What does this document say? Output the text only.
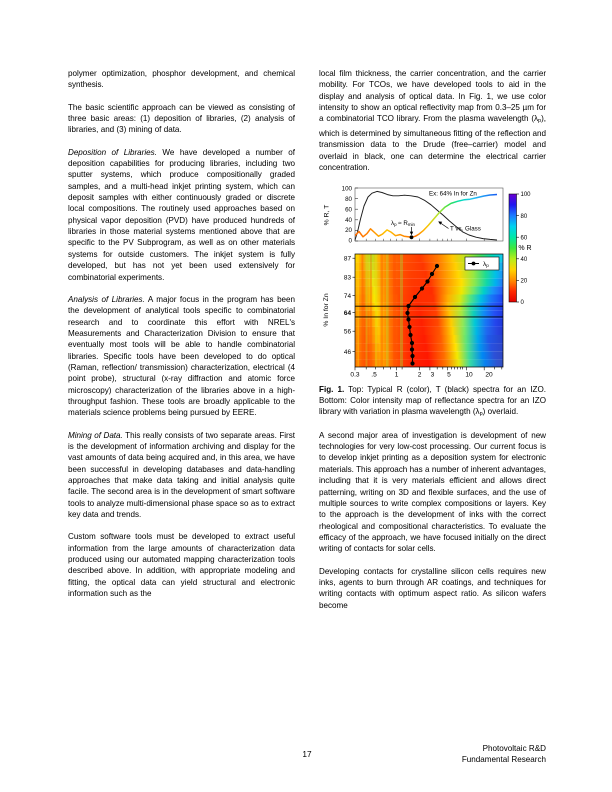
polymer optimization, phosphor development, and chemical synthesis.

The basic scientific approach can be viewed as consisting of three basic areas: (1) deposition of libraries, (2) analysis of libraries, and (3) mining of data.

Deposition of Libraries. We have developed a number of deposition capabilities for producing libraries, including two sputter systems, which produce compositionally graded samples, and a multi-head inkjet printing system, which can deposit samples with either continuously graded or discrete local compositions. The routinely used approaches based on physical vapor deposition (PVD) have produced hundreds of libraries in those material systems mentioned above that are specific to the PV Subprogram, as well as on other materials systems for outside customers. The inkjet system is fully developed, but has not yet been used extensively for combinatorial experiments.

Analysis of Libraries. A major focus in the program has been the development of analytical tools specific to combinatorial research and to coordinate this effort with NREL's Measurements and Characterization Division to ensure that eventually most tools will be able to handle combinatorial libraries. Specific tools have been developed to do optical (Raman, reflection/ transmission) characterization, electrical (4 point probe), structural (x-ray diffraction and atomic force microscopy) characterization of the libraries above in a high-throughput fashion. These tools are broadly applicable to the materials science problems being pursued by EERE.

Mining of Data. This really consists of two separate areas. First is the development of information archiving and display for the vast amounts of data being acquired and, in this area, we have been successful in developing databases and data-handling approaches that make data taking and initial analysis quite facile. The second area is in the development of smart software tools to analyze multi-dimensional phase space so as to extract key data and trends.

Custom software tools must be developed to extract useful information from the large amounts of characterization data produced using our automated mapping characterization tools described above. In addition, with appropriate modeling and fitting, the optical data can yield structural and electronic information such as the

local film thickness, the carrier concentration, and the carrier mobility. For TCOs, we have developed tools to aid in the display and analysis of optical data. In Fig. 1, we use color intensity to show an optical reflectivity map from 0.3–25 µm for a combinatorial TCO library. From the plasma wavelength $(\lambda_p)$, which is determined by simultaneous fitting of the reflection and transmission data to the Drude (free–carrier) model and overlaid in black, one can determine the electrical carrier concentration.

100
80
60
40
20
0
λp ≈ Rmin
Ex: 64% In for Zn
T vs. Glass
% R, T
λp
87
83
74
64
56
46
% In for Zn
0.3 .5	1	2 3 5 10 20
100
80
60
40
20
0
% R
Fig. 1. Top: Typical R (color), T (black) spectra for an IZO. Bottom: Color intensity map of reflectance spectra for an IZO library with variation in plasma wavelength $(\lambda_p)$ overlaid.

A second major area of investigation is development of new technologies for very low-cost processing. Our current focus is to develop inkjet printing as a deposition system for electronic materials. This approach has a number of inherent advantages, including that it is very materials efficient and allows direct patterning, writing on 3D and flexible surfaces, and the use of multiple sources to write complex compositions or layers. Key to the approach is the development of inks with the correct rheological and compositional characteristics. To evaluate the efficacy of the approach, we have focused initially on the direct writing of contacts for solar cells.

Developing contacts for crystalline silicon cells requires new inks, agents to burn through AR coatings, and techniques for writing contacts with optimum aspect ratio. As silicon wafers become

17
Photovoltaic R&D
Fundamental Research
